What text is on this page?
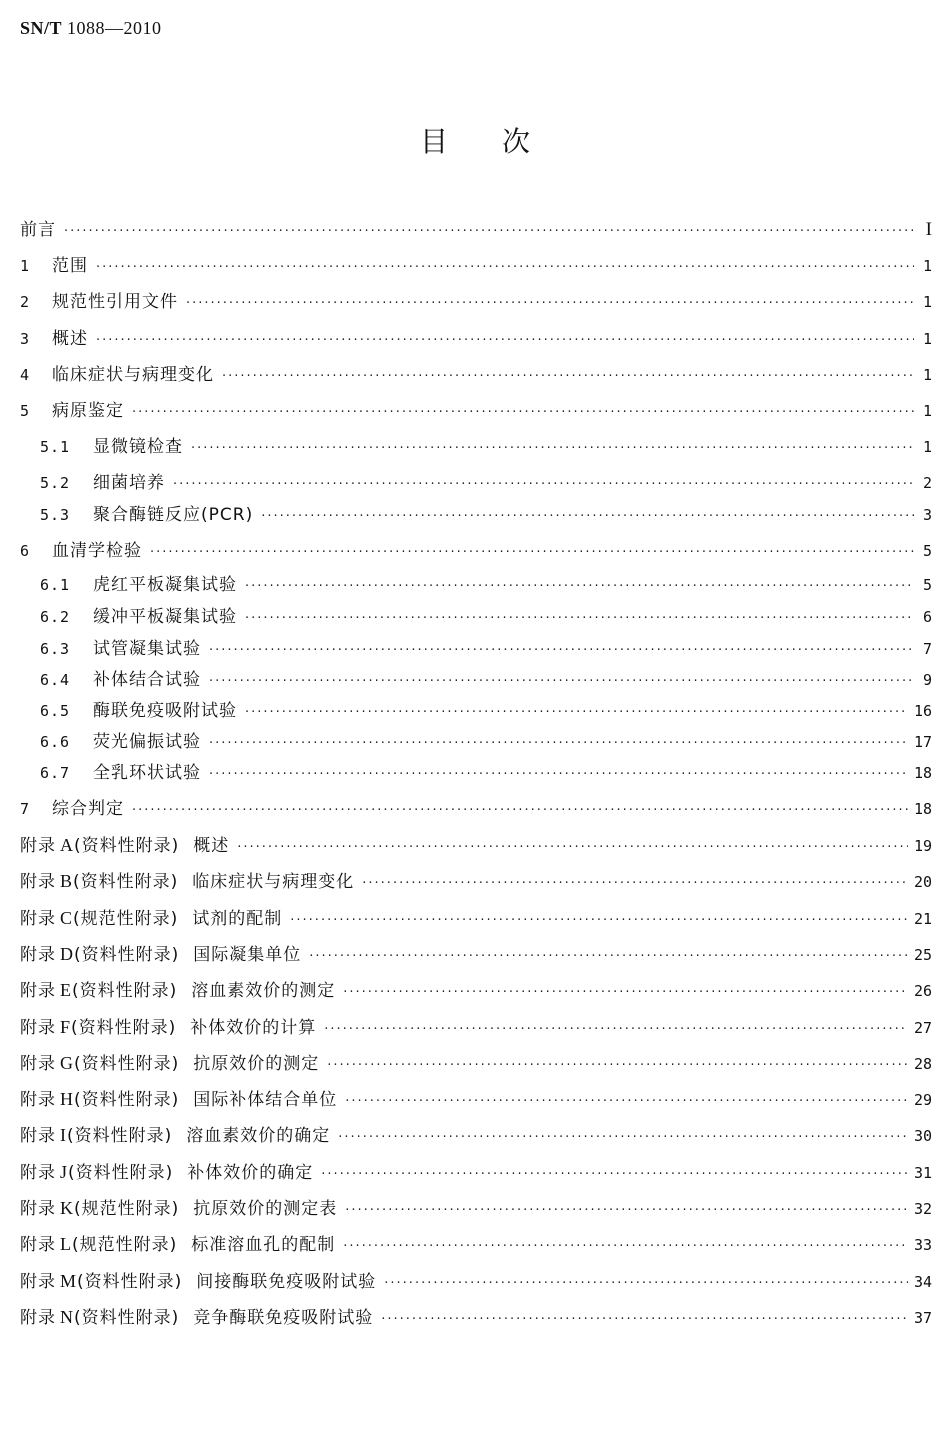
SN/T 1088—2010
目次
前言 ·····	I
1	范围 ·····	1
2	规范性引用文件 ·····	1
3	概述 ·····	1
4	临床症状与病理变化 ·····	1
5	病原鉴定 ·····	1
5.1	显微镜检查 ·····	1
5.2	细菌培养 ·····	2
5.3	聚合酶链反应(PCR) ·····	3
6	血清学检验 ·····	5
6.1	虎红平板凝集试验 ·····	5
6.2	缓冲平板凝集试验 ·····	6
6.3	试管凝集试验 ·····	7
6.4	补体结合试验 ·····	9
6.5	酶联免疫吸附试验 ·····	16
6.6	荧光偏振试验 ·····	17
6.7	全乳环状试验 ·····	18
7	综合判定 ·····	18
附录 A (资料性附录) 概述 ·····	19
附录 B (资料性附录) 临床症状与病理变化 ·····	20
附录 C (规范性附录) 试剂的配制 ·····	21
附录 D (资料性附录) 国际凝集单位 ·····	25
附录 E (资料性附录) 溶血素效价的测定 ·····	26
附录 F (资料性附录) 补体效价的计算 ·····	27
附录 G (资料性附录) 抗原效价的测定 ·····	28
附录 H (资料性附录) 国际补体结合单位 ·····	29
附录 I (资料性附录) 溶血素效价的确定 ·····	30
附录 J (资料性附录) 补体效价的确定 ·····	31
附录 K (规范性附录) 抗原效价的测定表 ·····	32
附录 L (规范性附录) 标准溶血孔的配制 ·····	33
附录 M (资料性附录) 间接酶联免疫吸附试验 ·····	34
附录 N (资料性附录) 竞争酶联免疫吸附试验 ·····	37
